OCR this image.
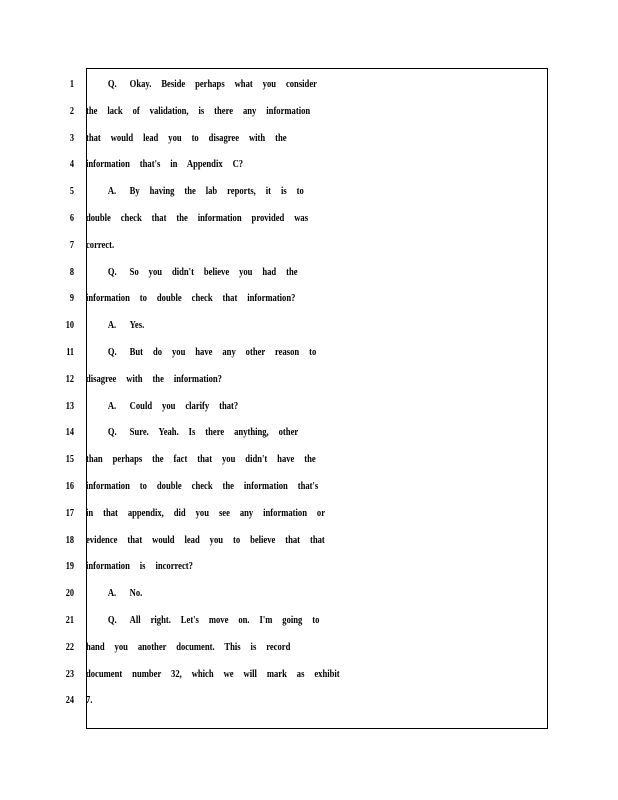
1
2
3
4
5
6
7
8
9
10
11
12
13
14
15
16
17
18
19
20
21
22
23
24
Q. Okay. Beside perhaps what you consider
the lack of validation, is there any information
that would lead you to disagree with the
information that's in Appendix C?
A. By having the lab reports, it is to
double check that the information provided was
correct.
Q. So you didn't believe you had the
information to double check that information?
A. Yes.
Q. But do you have any other reason to
disagree with the information?
A. Could you clarify that?
Q. Sure. Yeah. Is there anything, other
than perhaps the fact that you didn't have the
information to double check the information that's
in that appendix, did you see any information or
evidence that would lead you to believe that that
information is incorrect?
A. No.
Q. All right. Let's move on. I'm going to
hand you another document. This is record
document number 32, which we will mark as exhibit
7.
